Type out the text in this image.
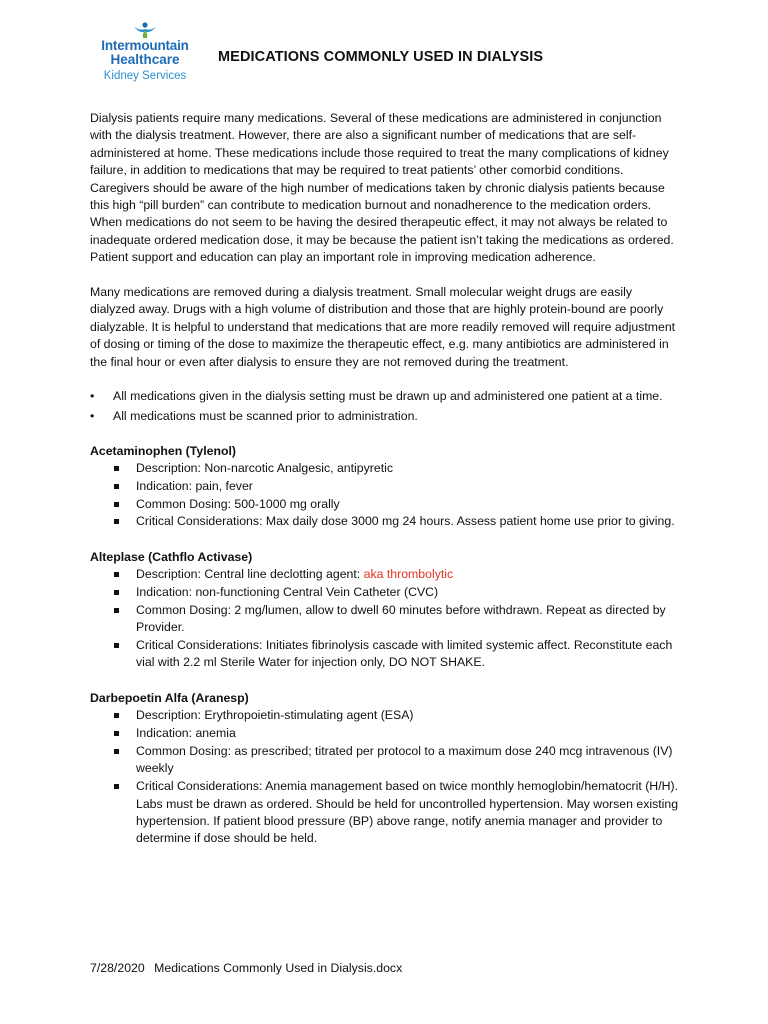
Intermountain
Healthcare
Kidney Services
MEDICATIONS COMMONLY USED IN DIALYSIS

Dialysis patients require many medications. Several of these medications are administered in conjunction with the dialysis treatment. However, there are also a significant number of medications that are self-administered at home. These medications include those required to treat the many complications of kidney failure, in addition to medications that may be required to treat patients’ other comorbid conditions. Caregivers should be aware of the high number of medications taken by chronic dialysis patients because this high “pill burden” can contribute to medication burnout and nonadherence to the medication orders. When medications do not seem to be having the desired therapeutic effect, it may not always be related to inadequate ordered medication dose, it may be because the patient isn’t taking the medications as ordered. Patient support and education can play an important role in improving medication adherence.

Many medications are removed during a dialysis treatment. Small molecular weight drugs are easily dialyzed away. Drugs with a high volume of distribution and those that are highly protein-bound are poorly dialyzable. It is helpful to understand that medications that are more readily removed will require adjustment of dosing or timing of the dose to maximize the therapeutic effect, e.g. many antibiotics are administered in the final hour or even after dialysis to ensure they are not removed during the treatment.

• All medications given in the dialysis setting must be drawn up and administered one patient at a time.
• All medications must be scanned prior to administration.
Acetaminophen (Tylenol)
Description: Non-narcotic Analgesic, antipyretic
Indication: pain, fever
Common Dosing: 500-1000 mg orally
Critical Considerations: Max daily dose 3000 mg 24 hours. Assess patient home use prior to giving.
Alteplase (Cathflo Activase)
Description: Central line declotting agent: aka thrombolytic
Indication: non-functioning Central Vein Catheter (CVC)
Common Dosing: 2 mg/lumen, allow to dwell 60 minutes before withdrawn. Repeat as directed by Provider.
Critical Considerations: Initiates fibrinolysis cascade with limited systemic affect. Reconstitute each vial with 2.2 ml Sterile Water for injection only, DO NOT SHAKE.
Darbepoetin Alfa (Aranesp)
Description: Erythropoietin-stimulating agent (ESA)
Indication: anemia
Common Dosing: as prescribed; titrated per protocol to a maximum dose 240 mcg intravenous (IV) weekly
Critical Considerations: Anemia management based on twice monthly hemoglobin/hematocrit (H/H). Labs must be drawn as ordered. Should be held for uncontrolled hypertension. May worsen existing hypertension. If patient blood pressure (BP) above range, notify anemia manager and provider to determine if dose should be held.
7/28/2020 Medications Commonly Used in Dialysis.docx
